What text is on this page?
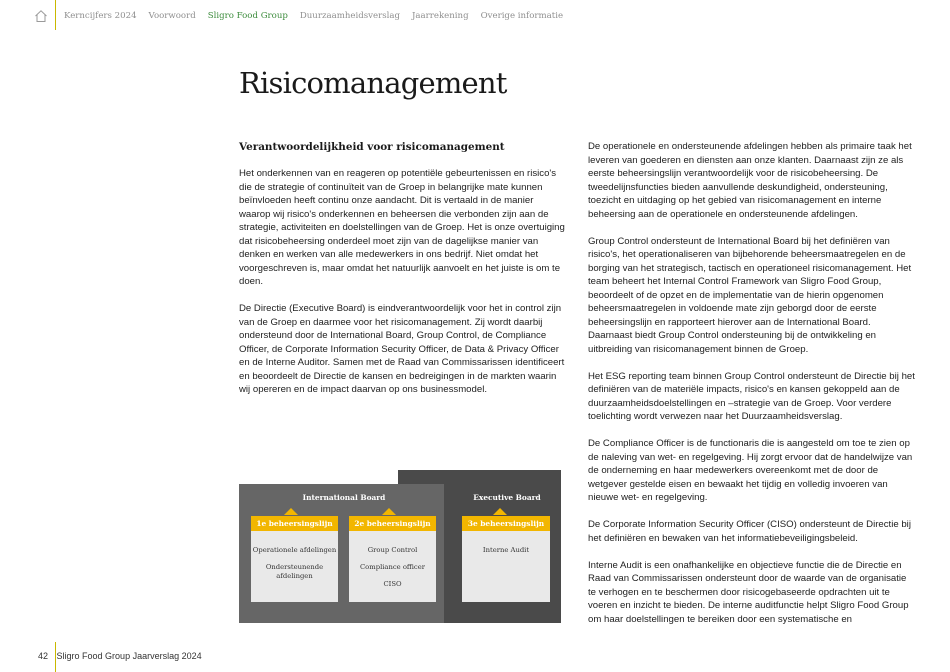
Kerncijfers 2024 Voorwoord Sligro Food Group Duurzaamheidsverslag Jaarrekening Overige informatie
Risicomanagement
Verantwoordelijkheid voor risicomanagement

Het onderkennen van en reageren op potentiële gebeurtenissen en risico's die de strategie of continuïteit van de Groep in belangrijke mate kunnen beïnvloeden heeft continu onze aandacht. Dit is vertaald in de manier waarop wij risico's onderkennen en beheersen die verbonden zijn aan de strategie, activiteiten en doelstellingen van de Groep. Het is onze overtuiging dat risicobeheersing onderdeel moet zijn van de dagelijkse manier van denken en werken van alle medewerkers in ons bedrijf. Niet omdat het voorgeschreven is, maar omdat het natuurlijk aanvoelt en het juiste is om te doen.

De Directie (Executive Board) is eindverantwoordelijk voor het in control zijn van de Groep en daarmee voor het risicomanagement. Zij wordt daarbij ondersteund door de International Board, Group Control, de Compliance Officer, de Corporate Information Security Officer, de Data & Privacy Officer en de Interne Auditor. Samen met de Raad van Commissarissen identificeert en beoordeelt de Directie de kansen en bedreigingen in de markten waarin wij opereren en de impact daarvan op ons businessmodel.

De operationele en ondersteunende afdelingen hebben als primaire taak het leveren van goederen en diensten aan onze klanten. Daarnaast zijn ze als eerste beheersingslijn verantwoordelijk voor de risicobeheersing. De tweedelijnsfuncties bieden aanvullende deskundigheid, ondersteuning, toezicht en uitdaging op het gebied van risicomanagement en interne beheersing aan de operationele en ondersteunende afdelingen.

Group Control ondersteunt de International Board bij het definiëren van risico's, het operationaliseren van bijbehorende beheersmaatregelen en de borging van het strategisch, tactisch en operationeel risicomanagement. Het team beheert het Internal Control Framework van Sligro Food Group, beoordeelt of de opzet en de implementatie van de hierin opgenomen beheersmaatregelen in voldoende mate zijn geborgd door de eerste beheersingslijn en rapporteert hierover aan de International Board. Daarnaast biedt Group Control ondersteuning bij de ontwikkeling en uitbreiding van risicomanagement binnen de Groep.

Het ESG reporting team binnen Group Control ondersteunt de Directie bij het definiëren van de materiële impacts, risico's en kansen gekoppeld aan de duurzaamheidsdoelstellingen en –strategie van de Groep. Voor verdere toelichting wordt verwezen naar het Duurzaamheidsverslag.

De Compliance Officer is de functionaris die is aangesteld om toe te zien op de naleving van wet- en regelgeving. Hij zorgt ervoor dat de handelwijze van de onderneming en haar medewerkers overeenkomt met de door de wetgever gestelde eisen en bewaakt het tijdig en volledig invoeren van nieuwe wet- en regelgeving.

De Corporate Information Security Officer (CISO) ondersteunt de Directie bij het definiëren en bewaken van het informatiebeveiligingsbeleid.

Interne Audit is een onafhankelijke en objectieve functie die de Directie en Raad van Commissarissen ondersteunt door de waarde van de organisatie te verhogen en te beschermen door risicogebaseerde opdrachten uit te voeren en inzicht te bieden. De interne auditfunctie helpt Sligro Food Group om haar doelstellingen te bereiken door een systematische en

International Board	Executive Board
1e beheersingslijn
Operationele afdelingen
Ondersteunende afdelingen
2e beheersingslijn
Group Control
Compliance officer
CISO
3e beheersingslijn
Interne Audit
42 Sligro Food Group Jaarverslag 2024
